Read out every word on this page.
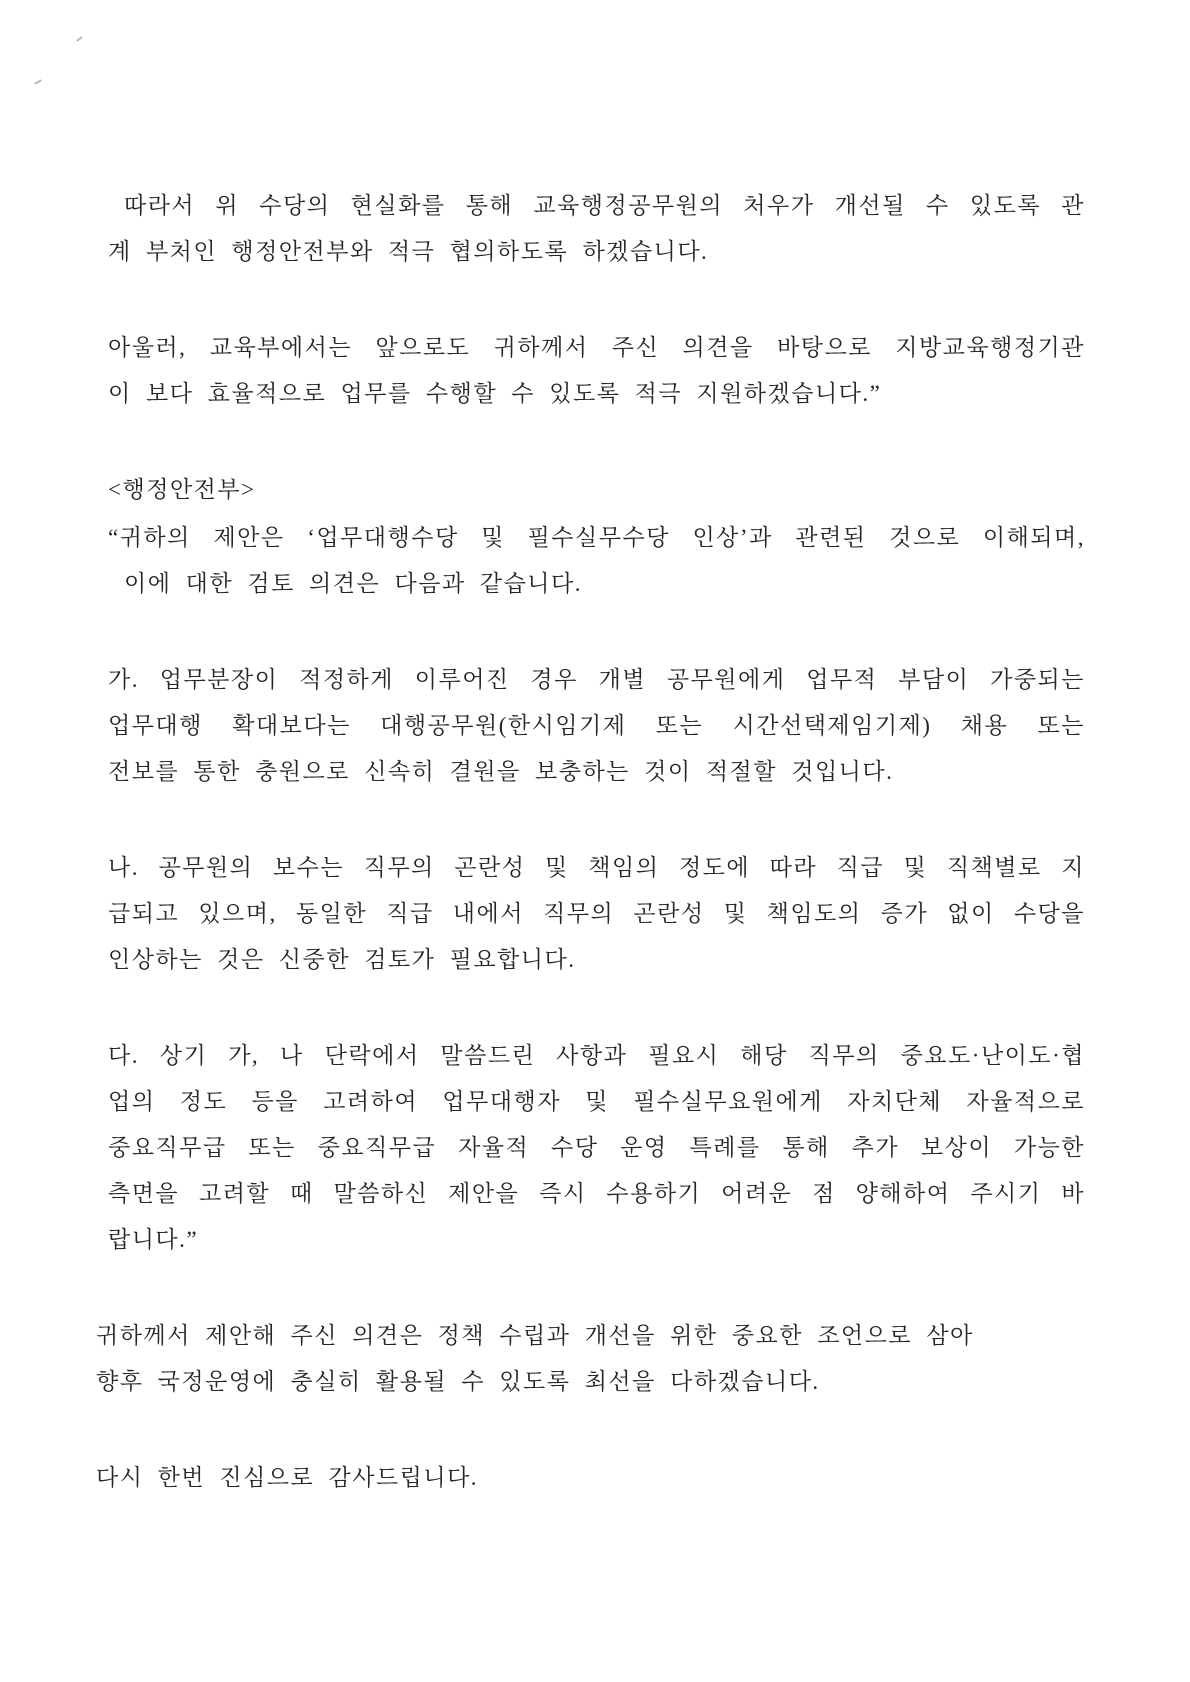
따라서 위 수당의 현실화를 통해 교육행정공무원의 처우가 개선될 수 있도록 관
계 부처인 행정안전부와 적극 협의하도록 하겠습니다.
아울러, 교육부에서는 앞으로도 귀하께서 주신 의견을 바탕으로 지방교육행정기관
이 보다 효율적으로 업무를 수행할 수 있도록 적극 지원하겠습니다.”
<행정안전부>
“귀하의 제안은 ‘업무대행수당 및 필수실무수당 인상’과 관련된 것으로 이해되며,
이에 대한 검토 의견은 다음과 같습니다.
가. 업무분장이 적정하게 이루어진 경우 개별 공무원에게 업무적 부담이 가중되는
업무대행 확대보다는 대행공무원(한시임기제 또는 시간선택제임기제) 채용 또는
전보를 통한 충원으로 신속히 결원을 보충하는 것이 적절할 것입니다.
나. 공무원의 보수는 직무의 곤란성 및 책임의 정도에 따라 직급 및 직책별로 지
급되고 있으며, 동일한 직급 내에서 직무의 곤란성 및 책임도의 증가 없이 수당을
인상하는 것은 신중한 검토가 필요합니다.
다. 상기 가, 나 단락에서 말씀드린 사항과 필요시 해당 직무의 중요도·난이도·협
업의 정도 등을 고려하여 업무대행자 및 필수실무요원에게 자치단체 자율적으로
중요직무급 또는 중요직무급 자율적 수당 운영 특례를 통해 추가 보상이 가능한
측면을 고려할 때 말씀하신 제안을 즉시 수용하기 어려운 점 양해하여 주시기 바
랍니다.”
귀하께서 제안해 주신 의견은 정책 수립과 개선을 위한 중요한 조언으로 삼아
향후 국정운영에 충실히 활용될 수 있도록 최선을 다하겠습니다.
다시 한번 진심으로 감사드립니다.
